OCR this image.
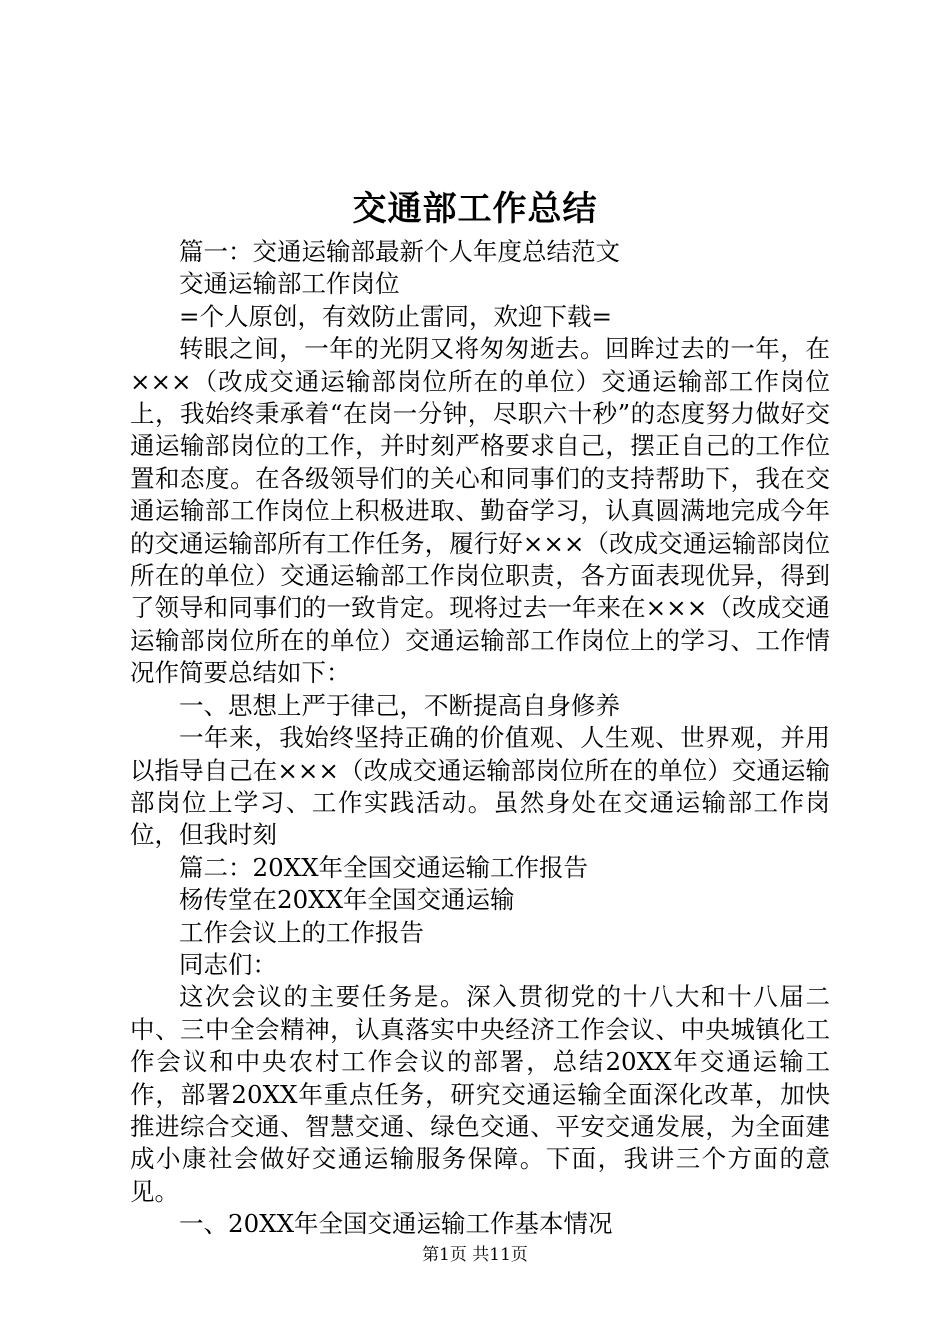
交通部工作总结

篇一：交通运输部最新个人年度总结范文

交通运输部工作岗位

=个人原创，有效防止雷同，欢迎下载=

转眼之间，一年的光阴又将匆匆逝去。回眸过去的一年，在×××（改成交通运输部岗位所在的单位）交通运输部工作岗位上，我始终秉承着“在岗一分钟，尽职六十秒”的态度努力做好交通运输部岗位的工作，并时刻严格要求自己，摆正自己的工作位置和态度。在各级领导们的关心和同事们的支持帮助下，我在交通运输部工作岗位上积极进取、勤奋学习，认真圆满地完成今年的交通运输部所有工作任务，履行好×××（改成交通运输部岗位所在的单位）交通运输部工作岗位职责，各方面表现优异，得到了领导和同事们的一致肯定。现将过去一年来在×××（改成交通运输部岗位所在的单位）交通运输部工作岗位上的学习、工作情况作简要总结如下：

一、思想上严于律己，不断提高自身修养

一年来，我始终坚持正确的价值观、人生观、世界观，并用以指导自己在×××（改成交通运输部岗位所在的单位）交通运输部岗位上学习、工作实践活动。虽然身处在交通运输部工作岗位，但我时刻

篇二：20XX年全国交通运输工作报告

杨传堂在20XX年全国交通运输

工作会议上的工作报告

同志们：

这次会议的主要任务是。深入贯彻党的十八大和十八届二中、三中全会精神，认真落实中央经济工作会议、中央城镇化工作会议和中央农村工作会议的部署，总结20XX年交通运输工作，部署20XX年重点任务，研究交通运输全面深化改革，加快推进综合交通、智慧交通、绿色交通、平安交通发展，为全面建成小康社会做好交通运输服务保障。下面，我讲三个方面的意见。

一、20XX年全国交通运输工作基本情况

第1页 共11页
